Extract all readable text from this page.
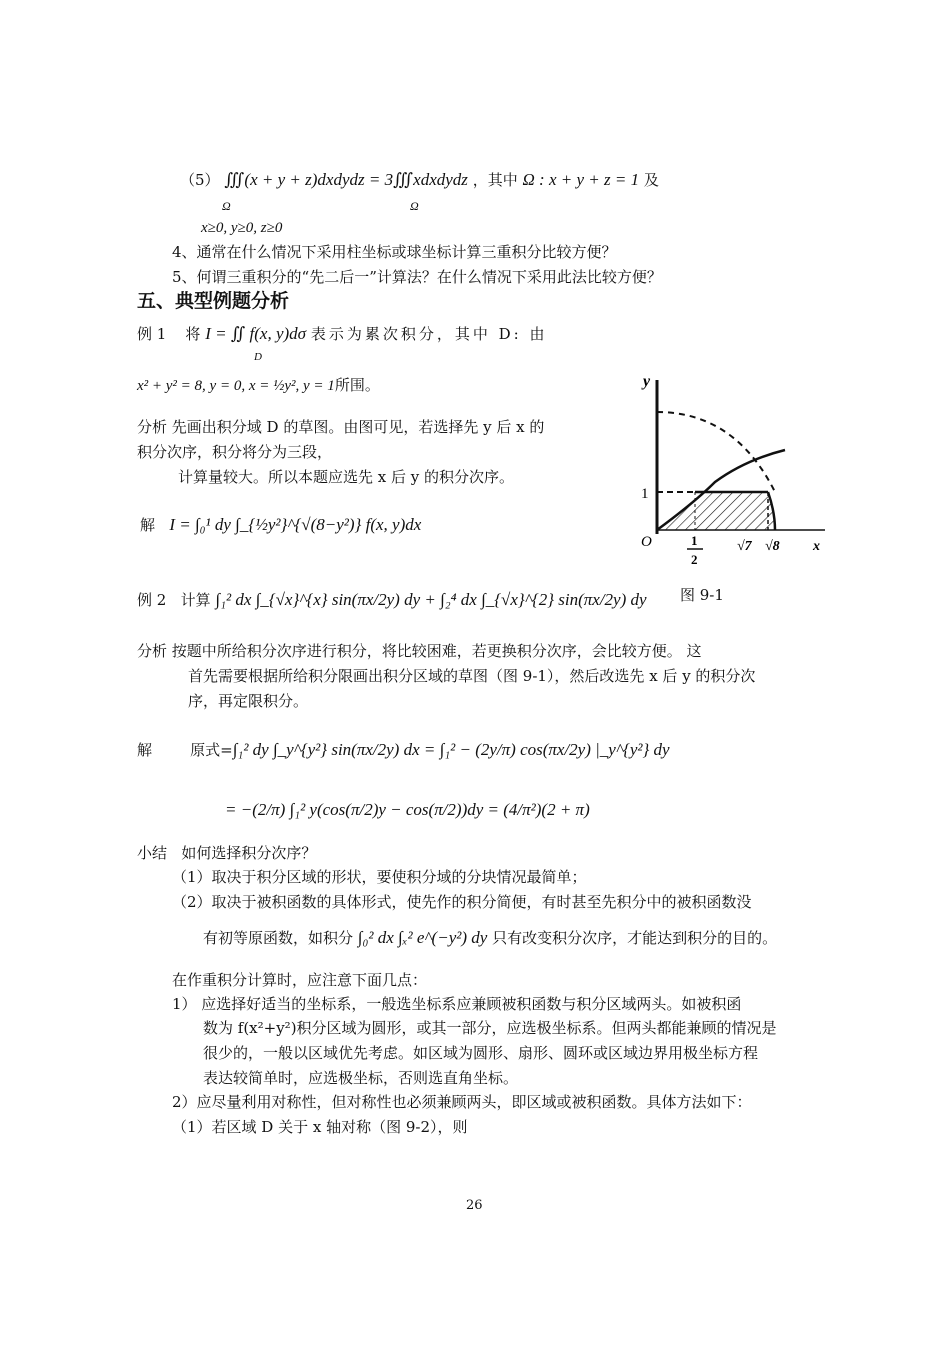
（5） ∭(x + y + z)dxdydz = 3∭xdxdydz ，其中 Ω : x + y + z = 1 及
Ω	Ω
x≥0, y≥0, z≥0
4、通常在什么情况下采用柱坐标或球坐标计算三重积分比较方便？
5、何谓三重积分的“先二后一”计算法？在什么情况下采用此法比较方便？
五、典型例题分析
例 1 将 I = ∬ f(x, y)dσ 表示为累次积分，其中 D: 由
D
x² + y² = 8, y = 0, x = ½y², y = 1所围。
分析 先画出积分域 D 的草图。由图可见，若选择先 y 后 x 的
积分次序，积分将分为三段，
计算量较大。所以本题应选先 x 后 y 的积分次序。
解 I = ∫₀¹ dy ∫_{½y²}^{√(8−y²)} f(x, y)dx
y
x
O
1
1
2
√7 √8
图 9-1
例 2 计算 ∫₁² dx ∫_{√x}^{x} sin(πx/2y) dy + ∫₂⁴ dx ∫_{√x}^{2} sin(πx/2y) dy
分析 按题中所给积分次序进行积分，将比较困难，若更换积分次序，会比较方便。 这
首先需要根据所给积分限画出积分区域的草图（图 9-1），然后改选先 x 后 y 的积分次
序，再定限积分。
解	原式=∫₁² dy ∫_y^{y²} sin(πx/2y) dx = ∫₁² − (2y/π) cos(πx/2y) |_y^{y²} dy
= −(2/π) ∫₁² y(cos(π/2)y − cos(π/2))dy = (4/π²)(2 + π)
小结 如何选择积分次序？
（1）取决于积分区域的形状，要使积分域的分块情况最简单；
（2）取决于被积函数的具体形式，使先作的积分简便，有时甚至先积分中的被积函数没
有初等原函数，如积分 ∫₀² dx ∫ₓ² e^(−y²) dy 只有改变积分次序，才能达到积分的目的。
在作重积分计算时，应注意下面几点：
1） 应选择好适当的坐标系，一般选坐标系应兼顾被积函数与积分区域两头。如被积函
数为 f(x²+y²)积分区域为圆形，或其一部分，应选极坐标系。但两头都能兼顾的情况是
很少的，一般以区域优先考虑。如区域为圆形、扇形、圆环或区域边界用极坐标方程
表达较简单时，应选极坐标，否则选直角坐标。
2）应尽量利用对称性，但对称性也必须兼顾两头，即区域或被积函数。具体方法如下：
（1）若区域 D 关于 x 轴对称（图 9-2），则
26
